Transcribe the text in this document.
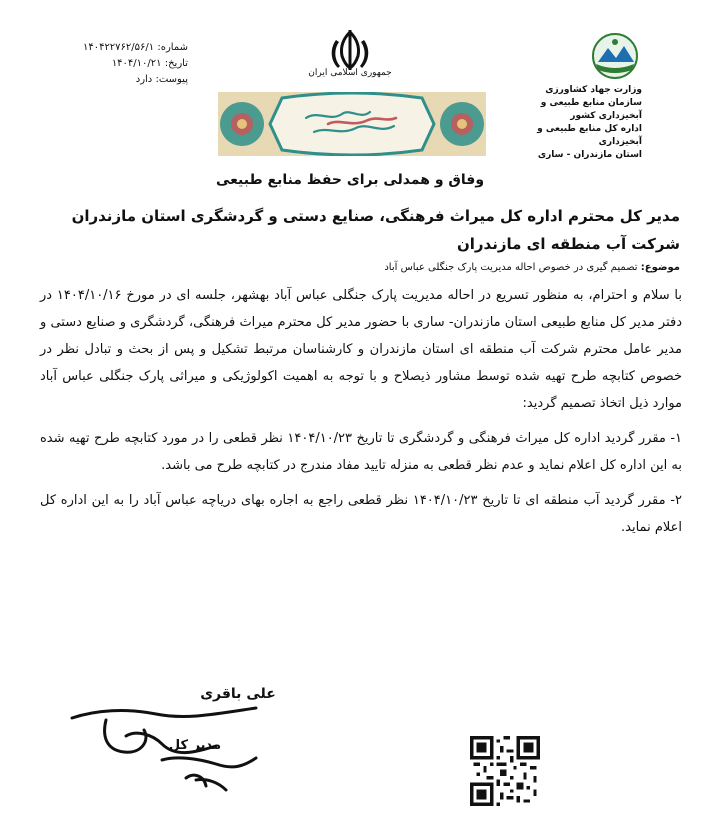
شماره: ۱۴۰۴۲۲۷۶۲/۵۶/۱
تاریخ: ۱۴۰۴/۱۰/۲۱
پیوست: دارد
جمهوری اسلامی ایران
وزارت جهاد کشاورزی
سازمان منابع طبیعی و آبخیزداری کشور
اداره کل منابع طبیعی و آبخیزداری
استان مازندران - ساری
وفاق و همدلی برای حفظ منابع طبیعی
مدیر کل محترم اداره کل میراث فرهنگی، صنایع دستی و گردشگری استان مازندران
شرکت آب منطقه ای مازندران
موضوع: تصمیم گیری در خصوص احاله مدیریت پارک جنگلی عباس آباد

با سلام و احترام، به منظور تسریع در احاله مدیریت پارک جنگلی عباس آباد بهشهر، جلسه ای در مورخ ۱۴۰۴/۱۰/۱۶ در دفتر مدیر کل منابع طبیعی استان مازندران- ساری با حضور مدیر کل محترم میراث فرهنگی، گردشگری و صنایع دستی و مدیر عامل محترم شرکت آب منطقه ای استان مازندران و کارشناسان مرتبط تشکیل و پس از بحث و تبادل نظر در خصوص کتابچه طرح تهیه شده توسط مشاور ذیصلاح و با توجه به اهمیت اکولوژیکی و میراثی پارک جنگلی عباس آباد موارد ذیل اتخاذ تصمیم گردید:

۱- مقرر گردید اداره کل میراث فرهنگی و گردشگری تا تاریخ ۱۴۰۴/۱۰/۲۳ نظر قطعی را در مورد کتابچه طرح تهیه شده به این اداره کل اعلام نماید و عدم نظر قطعی به منزله تایید مفاد مندرج در کتابچه طرح می باشد.

۲- مقرر گردید آب منطقه ای تا تاریخ ۱۴۰۴/۱۰/۲۳ نظر قطعی راجع به اجاره بهای دریاچه عباس آباد را به این اداره کل اعلام نماید.

علی باقری
مدیر کل
